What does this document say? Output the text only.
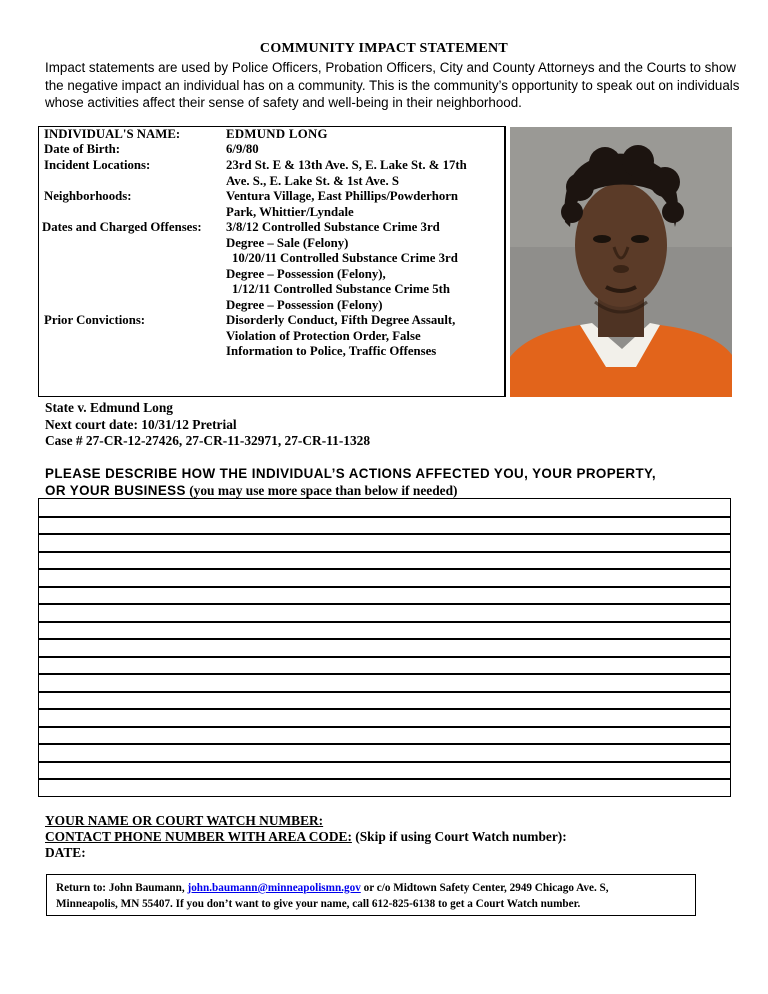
COMMUNITY IMPACT STATEMENT
Impact statements are used by Police Officers, Probation Officers, City and County Attorneys and the Courts to show the negative impact an individual has on a community. This is the community’s opportunity to speak out on individuals whose activities affect their sense of safety and well-being in their neighborhood.
INDIVIDUAL'S NAME:	EDMUND LONG
Date of Birth:	6/9/80
Incident Locations:	23rd St. E & 13th Ave. S, E. Lake St. & 17th
Ave. S., E. Lake St. & 1st Ave. S
Neighborhoods:	Ventura Village, East Phillips/Powderhorn
Park, Whittier/Lyndale
Dates and Charged Offenses: 3/8/12 Controlled Substance Crime 3rd
Degree – Sale (Felony)
10/20/11 Controlled Substance Crime 3rd
Degree – Possession (Felony),
1/12/11 Controlled Substance Crime 5th
Degree – Possession (Felony)
Prior Convictions:	Disorderly Conduct, Fifth Degree Assault,
Violation of Protection Order, False
Information to Police, Traffic Offenses
State v. Edmund Long
Next court date: 10/31/12 Pretrial
Case # 27-CR-12-27426, 27-CR-11-32971, 27-CR-11-1328
PLEASE DESCRIBE HOW THE INDIVIDUAL’S ACTIONS AFFECTED YOU, YOUR PROPERTY,
OR YOUR BUSINESS (you may use more space than below if needed)
YOUR NAME OR COURT WATCH NUMBER:
CONTACT PHONE NUMBER WITH AREA CODE: (Skip if using Court Watch number):
DATE:
Return to: John Baumann, john.baumann@minneapolismn.gov or c/o Midtown Safety Center, 2949 Chicago Ave. S,
Minneapolis, MN 55407. If you don’t want to give your name, call 612-825-6138 to get a Court Watch number.
